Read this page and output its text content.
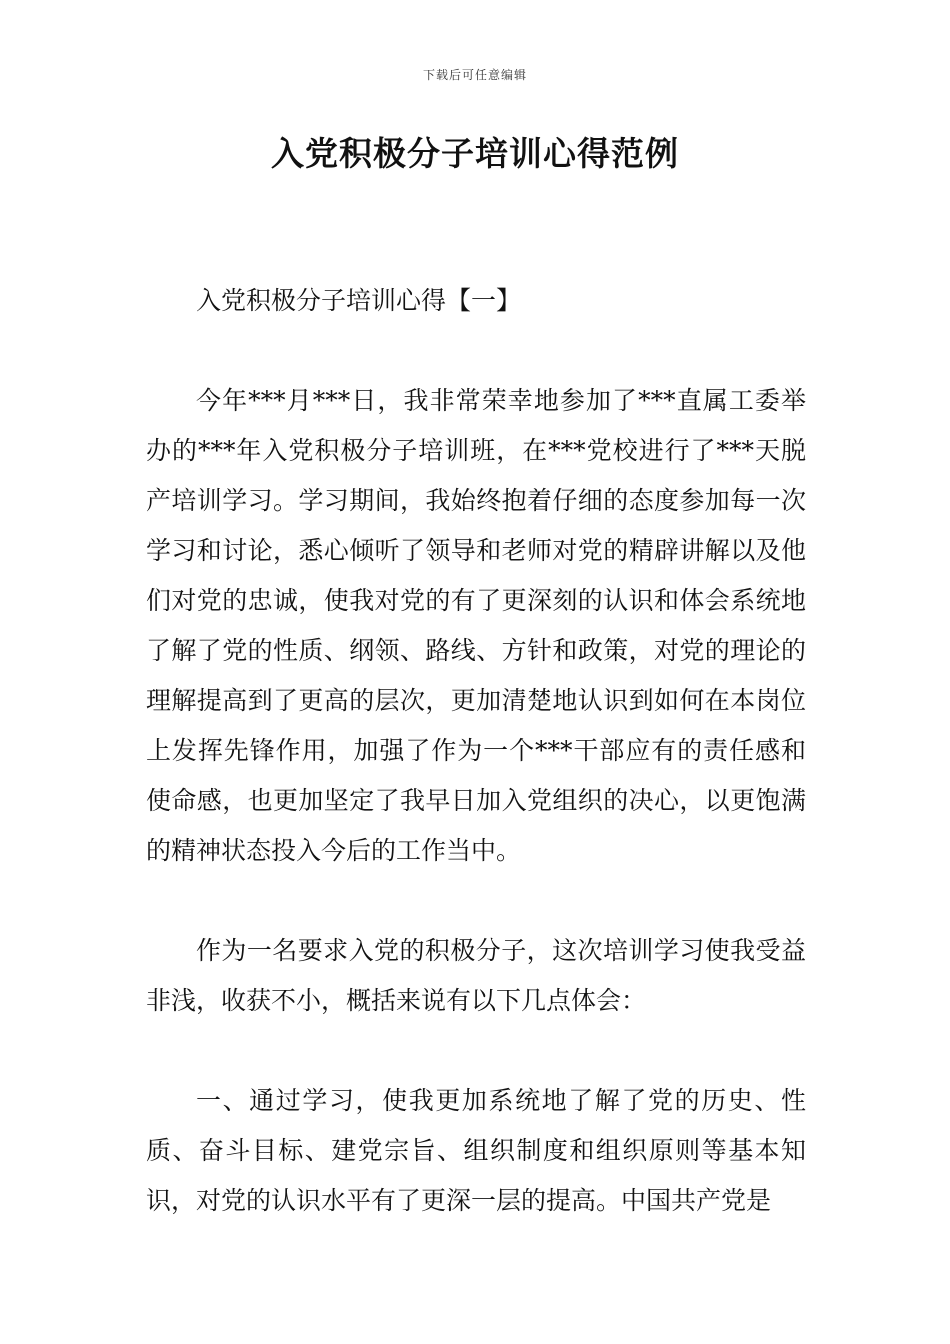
下载后可任意编辑
入党积极分子培训心得范例

入党积极分子培训心得【一】

今年***月***日，我非常荣幸地参加了***直属工委举办的***年入党积极分子培训班，在***党校进行了***天脱产培训学习。学习期间，我始终抱着仔细的态度参加每一次学习和讨论，悉心倾听了领导和老师对党的精辟讲解以及他们对党的忠诚，使我对党的有了更深刻的认识和体会系统地了解了党的性质、纲领、路线、方针和政策，对党的理论的理解提高到了更高的层次，更加清楚地认识到如何在本岗位上发挥先锋作用，加强了作为一个***干部应有的责任感和使命感，也更加坚定了我早日加入党组织的决心，以更饱满的精神状态投入今后的工作当中。

作为一名要求入党的积极分子，这次培训学习使我受益非浅，收获不小，概括来说有以下几点体会：

一、通过学习，使我更加系统地了解了党的历史、性质、奋斗目标、建党宗旨、组织制度和组织原则等基本知识，对党的认识水平有了更深一层的提高。中国共产党是
